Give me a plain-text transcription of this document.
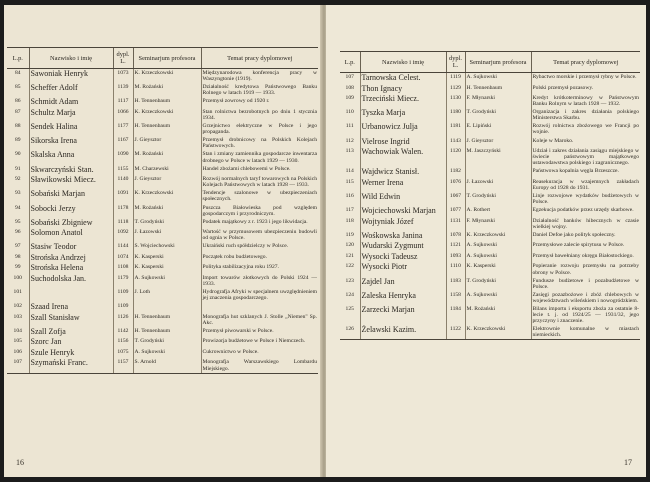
L.p.	Nazwisko i imię	dypl. L.	Seminarjum profesora	Temat pracy dyplomowej
84	Sawoniak Henryk	1073	K. Krzeczkowski	Międzynarodowa konferencja pracy w Waszyngtonie (1919).
85	Scheffer Adolf	1139	M. Rożański	Działalność kredytowa Państwowego Banku Rolnego w latach 1919 — 1933.
86	Schmidt Adam	1117	H. Tennenbaum	Przemysł zowrowy od 1920 r.
87	Schultz Marja	1066	K. Krzeczkowski	Stan rolnictwa bezrobotnych po dniu 1 stycznia 1934.
88	Sendek Halina	1177	H. Tennenbaum	Grzejnictwo elektryczne w Polsce i jego propaganda.
89	Sikorska Irena	1167	J. Gieysztor	Przemysł drobnicowy na Polskich Kolejach Państwowych.
90	Skalska Anna	1090	M. Rożański	Stan i zmiany zamiennika gospodarcze inwentarza drobnego w Polsce w latach 1929 — 1930.
91	Skwarczyński Stan.	1155	M. Charzewski	Handel zbożami chlebowemi w Polsce.
92	Sławikowski Miecz.	1140	J. Gieysztor	Rozwój normalnych taryf towarowych na Polskich Kolejach Państwowych w latach 1928 — 1933.
93	Sobański Marjan	1091	K. Krzeczkowski	Tendencje szalonowe w ubezpieczeniach społecznych.
94	Sobocki Jerzy	1178	M. Rożański	Puszcza Białowieska pod względem gospodarczym i przyrodniczym.
95	Sobański Zbigniew	1118	T. Grodyński	Podatek majątkowy z r. 1923 i jego likwidacja.
96	Solomon Anatol	1092	J. Łazowski	Wartość w przymusowem ubezpieczeniu budowli od ognia w Polsce.
97	Stasiw Teodor	1144	S. Wojciechowski	Ukraiński ruch spółdzielczy w Polsce.
98	Strońska Andrzej	1074	K. Kasperski	Początek robu budżetowego.
99	Strońska Helena	1108	K. Kasperski	Polityka stabilizacyjna roku 1927.
100	Suchodolska Jan.	1179	A. Sujkowski	Import towarów złotkowych do Polski 1924 — 1933.
101		1109	J. Loth	Hydrografja Afryki w specjalnem uwzględnieniem jej znaczenia gospodarczego.
102	Szaad Irena	1109		
103	Szall Stanisław	1126	H. Tennenbaum	Monografja hut szklanych J. Stolle „Niemen" Sp. Akc.
104	Szall Zofja	1142	H. Tennenbaum	Przemysł piwowarski w Polsce.
105	Szorc Jan	1156	T. Grodyński	Prowizorja budżetowe w Polsce i Niemczech.
106	Szule Henryk	1075	A. Sujkowski	Cukrownictwo w Polsce.
107	Szymański Franc.	1157	S. Arnold	Monografja Warszawskiego Lombardu Miejskiego.
16
L.p.	Nazwisko i imię	dypl. L.	Seminarjum profesora	Temat pracy dyplomowej
107	Tarnowska Celest.	1119	A. Sujkowski	Rybactwo morskie i przemysł rybny w Polsce.
108	Thon Ignacy	1129	H. Tennenbaum	Polski przemysł pozasowy.
109	Trzeciński Miecz.	1130	F. Młynarski	Kredyt krótkoterminowy w Państwowym Banku Rolnym w latach 1928 — 1932.
110	Tyszka Marja	1180	T. Grodyński	Organizacja i zakres działania polskiego Ministerstwa Skarbu.
111	Urbanowicz Julja	1181	E. Lipiński	Rozwój rolnictwa zbożowego we Francji po wojnie.
112	Vielrose Ingrid	1143	J. Gieysztor	Koleje w Maroko.
113	Wachowiak Walen.	1120	M. Jaszczyński	Udział i zakres działania zasiągu miejskiego w świecie państwowym majątkowego ustawodawstwa polskiego i zagranicznego.
114	Wajdwicz Stanisł.	1182		Państwowa kopalnia węgla Brzeszcze.
115	Werner Irena	1076	J. Łazowski	Reasekuracja w wzajemnych zakładach Europy od 1928 do 1931.
116	Wild Edwin	1067	T. Grodyński	Linje rozwojowe wydatków budżetowych w Polsce.
117	Wojciechowski Marjan	1077	A. Rothert	Egzekucja podatków przez urzędy skarbowe.
118	Wojtyniak Józef	1131	F. Młynarski	Działalność banków hibecznych w czasie wielkiej wojny.
119	Wośkowska Janina	1078	K. Krzeczkowski	Daniel Defoe jako polityk społeczny.
120	Wudarski Zygmunt	1121	A. Sujkowski	Przemysłowe zalecie spirytusu w Polsce.
121	Wysocki Tadeusz	1093	A. Sujkowski	Przemysł bawełniany okręgu Białostockiego.
122	Wysocki Piotr	1110	K. Kasperski	Popieranie rozwoju przemysłu na potrzeby obrony w Polsce.
123	Zajdel Jan	1183	T. Grodyński	Fundusze budżetowe i pozabudżetowe w Polsce.
124	Zaleska Henryka	1158	A. Sujkowski	Zasięgi pozazbożowe i zbóż chlebowych w województwach wileńskiem i nowogródzkiem.
125	Zarzecki Marjan	1184	M. Rożański	Bilans importu i eksportu zboża za ostatnie 8-lecie t. j. od 1924/25 — 1931/32, jego przyczyny i znaczenie.
126	Żelawski Kazim.	1122	K. Krzeczkowski	Elektrownie komunalne w miastach niemieckich.
17
